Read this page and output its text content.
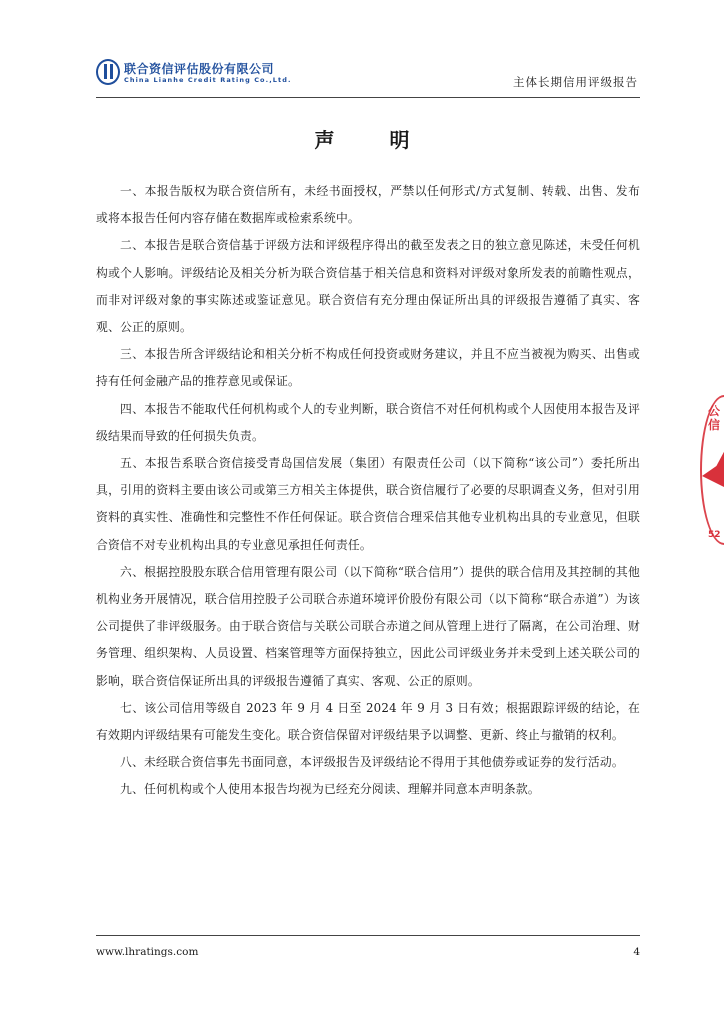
联合资信评估股份有限公司
China Lianhe Credit Rating Co.,Ltd.	主体长期信用评级报告
声 明

一、本报告版权为联合资信所有，未经书面授权，严禁以任何形式/方式复制、转载、出售、发布或将本报告任何内容存储在数据库或检索系统中。

二、本报告是联合资信基于评级方法和评级程序得出的截至发表之日的独立意见陈述，未受任何机构或个人影响。评级结论及相关分析为联合资信基于相关信息和资料对评级对象所发表的前瞻性观点，而非对评级对象的事实陈述或鉴证意见。联合资信有充分理由保证所出具的评级报告遵循了真实、客观、公正的原则。

三、本报告所含评级结论和相关分析不构成任何投资或财务建议，并且不应当被视为购买、出售或持有任何金融产品的推荐意见或保证。

四、本报告不能取代任何机构或个人的专业判断，联合资信不对任何机构或个人因使用本报告及评级结果而导致的任何损失负责。

五、本报告系联合资信接受青岛国信发展（集团）有限责任公司（以下简称“该公司”）委托所出具，引用的资料主要由该公司或第三方相关主体提供，联合资信履行了必要的尽职调查义务，但对引用资料的真实性、准确性和完整性不作任何保证。联合资信合理采信其他专业机构出具的专业意见，但联合资信不对专业机构出具的专业意见承担任何责任。

六、根据控股股东联合信用管理有限公司（以下简称“联合信用”）提供的联合信用及其控制的其他机构业务开展情况，联合信用控股子公司联合赤道环境评价股份有限公司（以下简称“联合赤道”）为该公司提供了非评级服务。由于联合资信与关联公司联合赤道之间从管理上进行了隔离，在公司治理、财务管理、组织架构、人员设置、档案管理等方面保持独立，因此公司评级业务并未受到上述关联公司的影响，联合资信保证所出具的评级报告遵循了真实、客观、公正的原则。

七、该公司信用等级自 2023 年 9 月 4 日至 2024 年 9 月 3 日有效；根据跟踪评级的结论，在有效期内评级结果有可能发生变化。联合资信保留对评级结果予以调整、更新、终止与撤销的权利。

八、未经联合资信事先书面同意，本评级报告及评级结论不得用于其他债券或证券的发行活动。

九、任何机构或个人使用本报告均视为已经充分阅读、理解并同意本声明条款。

公
信
52
www.lhratings.com	4
